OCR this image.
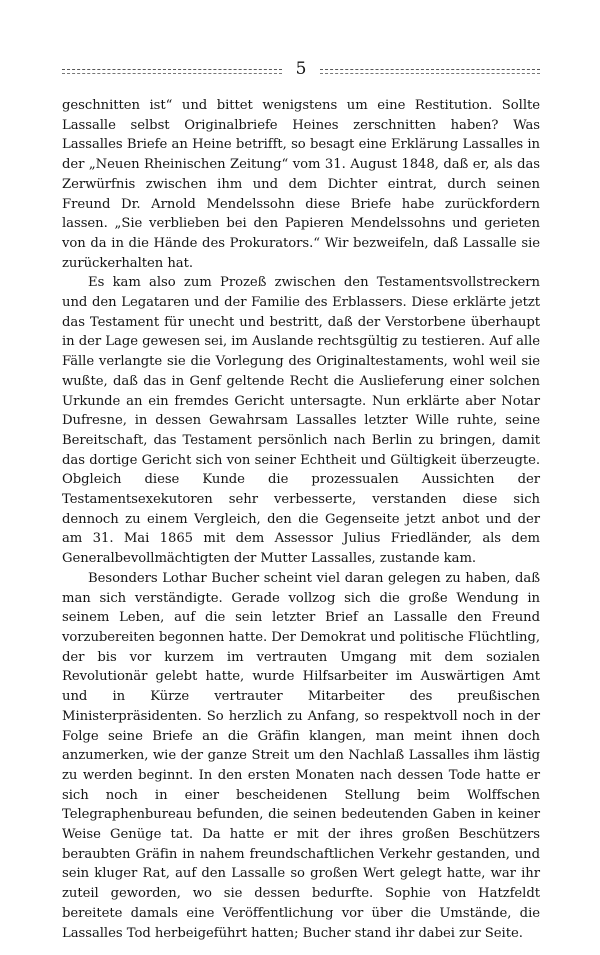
5

geschnitten ist“ und bittet wenigstens um eine Restitution. Sollte Lassalle selbst Originalbriefe Heines zerschnitten haben? Was Lassalles Briefe an Heine betrifft, so besagt eine Erklärung Lassalles in der „Neuen Rheinischen Zeitung“ vom 31. August 1848, daß er, als das Zerwürfnis zwischen ihm und dem Dichter eintrat, durch seinen Freund Dr. Arnold Mendelssohn diese Briefe habe zurückfordern lassen. „Sie verblieben bei den Papieren Mendelssohns und gerieten von da in die Hände des Prokurators.“ Wir bezweifeln, daß Lassalle sie zurückerhalten hat.

Es kam also zum Prozeß zwischen den Testamentsvollstreckern und den Legataren und der Familie des Erblassers. Diese erklärte jetzt das Testament für unecht und bestritt, daß der Verstorbene überhaupt in der Lage gewesen sei, im Auslande rechtsgültig zu testieren. Auf alle Fälle verlangte sie die Vorlegung des Originaltestaments, wohl weil sie wußte, daß das in Genf geltende Recht die Auslieferung einer solchen Urkunde an ein fremdes Gericht untersagte. Nun erklärte aber Notar Dufresne, in dessen Gewahrsam Lassalles letzter Wille ruhte, seine Bereitschaft, das Testament persönlich nach Berlin zu bringen, damit das dortige Gericht sich von seiner Echtheit und Gültigkeit überzeugte. Obgleich diese Kunde die prozessualen Aussichten der Testamentsexekutoren sehr verbesserte, verstanden diese sich dennoch zu einem Vergleich, den die Gegenseite jetzt anbot und der am 31. Mai 1865 mit dem Assessor Julius Friedländer, als dem Generalbevollmächtigten der Mutter Lassalles, zustande kam.

Besonders Lothar Bucher scheint viel daran gelegen zu haben, daß man sich verständigte. Gerade vollzog sich die große Wendung in seinem Leben, auf die sein letzter Brief an Lassalle den Freund vorzubereiten begonnen hatte. Der Demokrat und politische Flüchtling, der bis vor kurzem im vertrauten Umgang mit dem sozialen Revolutionär gelebt hatte, wurde Hilfsarbeiter im Auswärtigen Amt und in Kürze vertrauter Mitarbeiter des preußischen Ministerpräsidenten. So herzlich zu Anfang, so respektvoll noch in der Folge seine Briefe an die Gräfin klangen, man meint ihnen doch anzumerken, wie der ganze Streit um den Nachlaß Lassalles ihm lästig zu werden beginnt. In den ersten Monaten nach dessen Tode hatte er sich noch in einer bescheidenen Stellung beim Wolffschen Telegraphenbureau befunden, die seinen bedeutenden Gaben in keiner Weise Genüge tat. Da hatte er mit der ihres großen Beschützers beraubten Gräfin in nahem freundschaftlichen Verkehr gestanden, und sein kluger Rat, auf den Lassalle so großen Wert gelegt hatte, war ihr zuteil geworden, wo sie dessen bedurfte. Sophie von Hatzfeldt bereitete damals eine Veröffentlichung vor über die Umstände, die Lassalles Tod herbeigeführt hatten; Bucher stand ihr dabei zur Seite.
